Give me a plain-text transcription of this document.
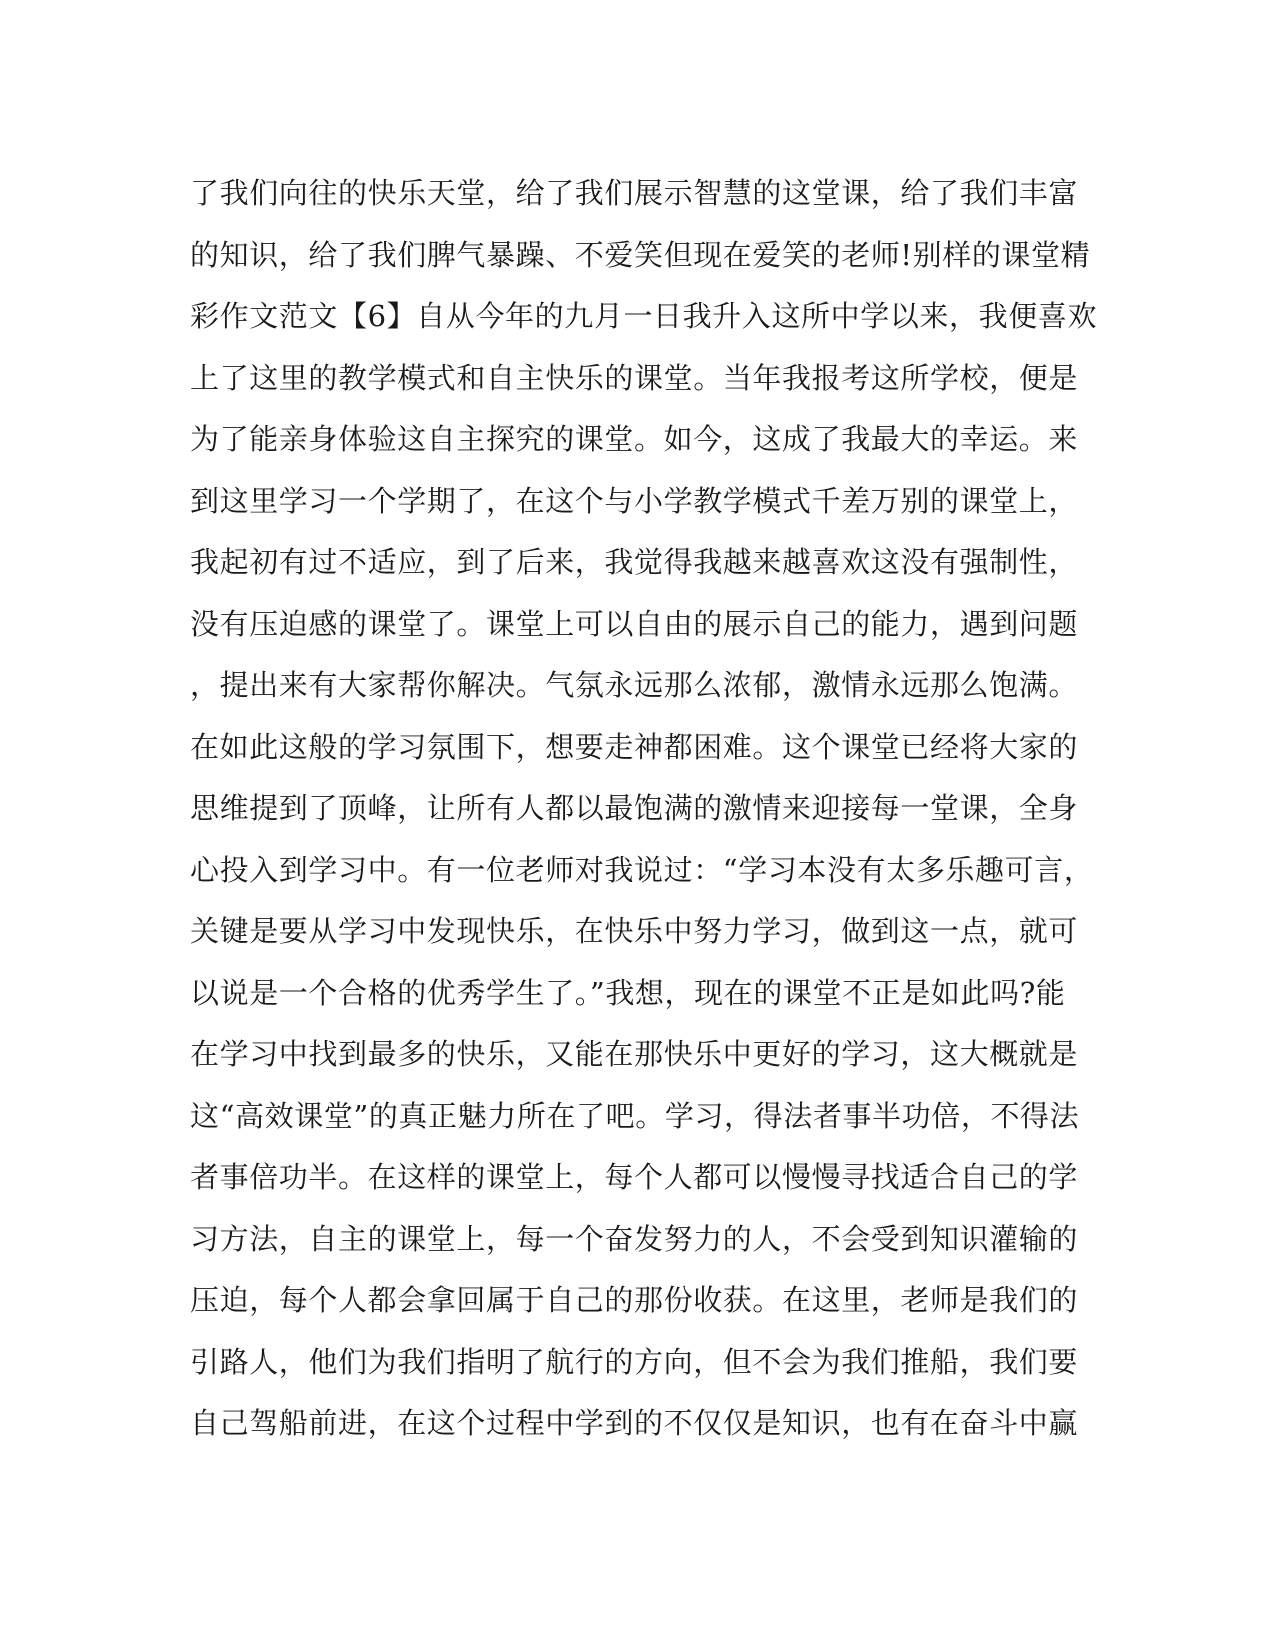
了我们向往的快乐天堂，给了我们展示智慧的这堂课，给了我们丰富
的知识，给了我们脾气暴躁、不爱笑但现在爱笑的老师!别样的课堂精
彩作文范文【6】自从今年的九月一日我升入这所中学以来，我便喜欢
上了这里的教学模式和自主快乐的课堂。当年我报考这所学校，便是
为了能亲身体验这自主探究的课堂。如今，这成了我最大的幸运。来
到这里学习一个学期了，在这个与小学教学模式千差万别的课堂上，
我起初有过不适应，到了后来，我觉得我越来越喜欢这没有强制性，
没有压迫感的课堂了。课堂上可以自由的展示自己的能力，遇到问题
，提出来有大家帮你解决。气氛永远那么浓郁，激情永远那么饱满。
在如此这般的学习氛围下，想要走神都困难。这个课堂已经将大家的
思维提到了顶峰，让所有人都以最饱满的激情来迎接每一堂课，全身
心投入到学习中。有一位老师对我说过：“学习本没有太多乐趣可言，
关键是要从学习中发现快乐，在快乐中努力学习，做到这一点，就可
以说是一个合格的优秀学生了。”我想，现在的课堂不正是如此吗?能
在学习中找到最多的快乐，又能在那快乐中更好的学习，这大概就是
这“高效课堂”的真正魅力所在了吧。学习，得法者事半功倍，不得法
者事倍功半。在这样的课堂上，每个人都可以慢慢寻找适合自己的学
习方法，自主的课堂上，每一个奋发努力的人，不会受到知识灌输的
压迫，每个人都会拿回属于自己的那份收获。在这里，老师是我们的
引路人，他们为我们指明了航行的方向，但不会为我们推船，我们要
自己驾船前进，在这个过程中学到的不仅仅是知识，也有在奋斗中赢
